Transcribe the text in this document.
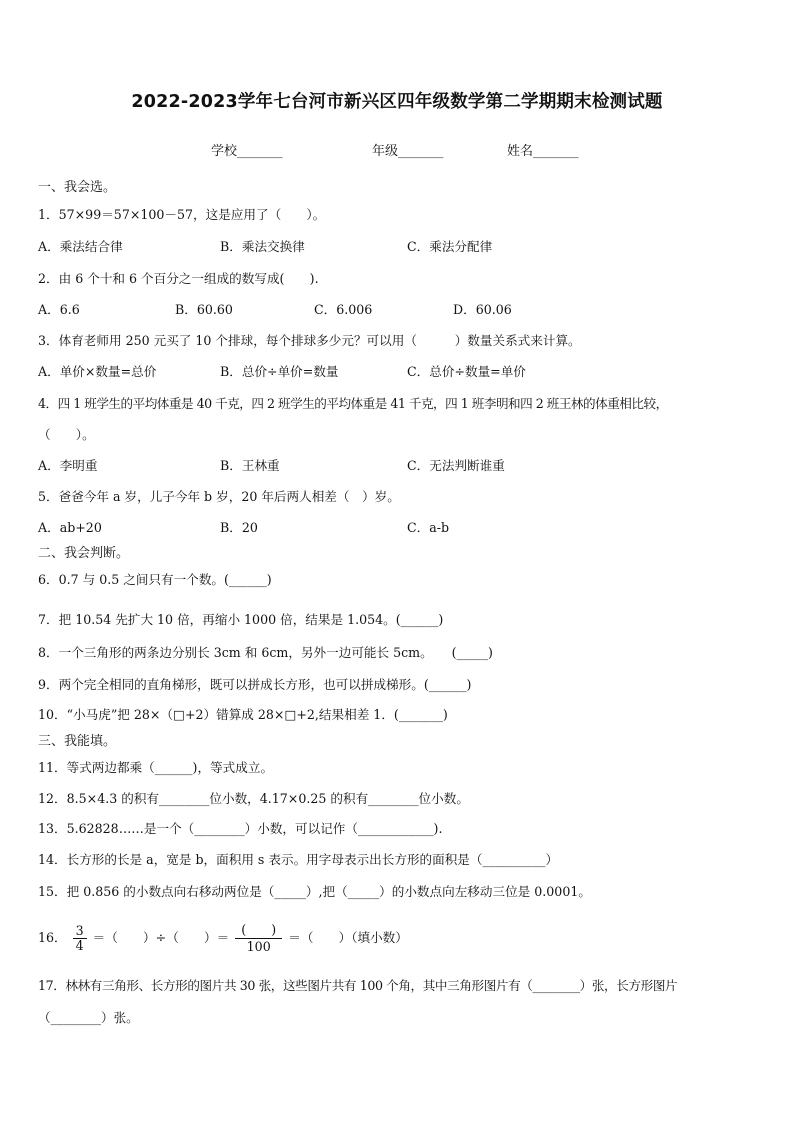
2022-2023学年七台河市新兴区四年级数学第二学期期末检测试题
学校_______	年级_______	姓名_______
一、我会选。
1．57×99＝57×100－57，这是应用了（　　）。
A．乘法结合律	B．乘法交换律	C．乘法分配律
2．由 6 个十和 6 个百分之一组成的数写成(　　).
A．6.6	B．60.60	C．6.006	D．60.06
3．体育老师用 250 元买了 10 个排球，每个排球多少元？可以用（　　　）数量关系式来计算。
A．单价×数量=总价	B．总价÷单价=数量	C．总价÷数量=单价
4．四 1 班学生的平均体重是 40 千克，四 2 班学生的平均体重是 41 千克，四 1 班李明和四 2 班王林的体重相比较，
（　　）。
A．李明重	B．王林重	C．无法判断谁重
5．爸爸今年 a 岁，儿子今年 b 岁，20 年后两人相差（　）岁。
A．ab+20	B．20	C．a-b
二、我会判断。
6．0.7 与 0.5 之间只有一个数。(______)
7．把 10.54 先扩大 10 倍，再缩小 1000 倍，结果是 1.054。(______)
8．一个三角形的两条边分别长 3cm 和 6cm，另外一边可能长 5cm。　　(_____)
9．两个完全相同的直角梯形，既可以拼成长方形，也可以拼成梯形。(______)
10．“小马虎”把 28×（□+2）错算成 28×□+2,结果相差 1．(_______)
三、我能填。
11．等式两边都乘（______)，等式成立。
12．8.5×4.3 的积有________位小数，4.17×0.25 的积有________位小数。
13．5.62828……是一个（________）小数，可以记作（____________).
14．长方形的长是 a，宽是 b，面积用 s 表示。用字母表示出长方形的面积是（__________）
15．把 0.856 的小数点向右移动两位是（_____）,把（_____）的小数点向左移动三位是 0.0001。
16． $\frac{3}{4}$ ＝（　　）÷（　　）＝ $\frac{( )}{100}$ ＝（　　）（填小数）
17．林林有三角形、长方形的图片共 30 张，这些图片共有 100 个角，其中三角形图片有（________）张，长方形图片
（________）张。
